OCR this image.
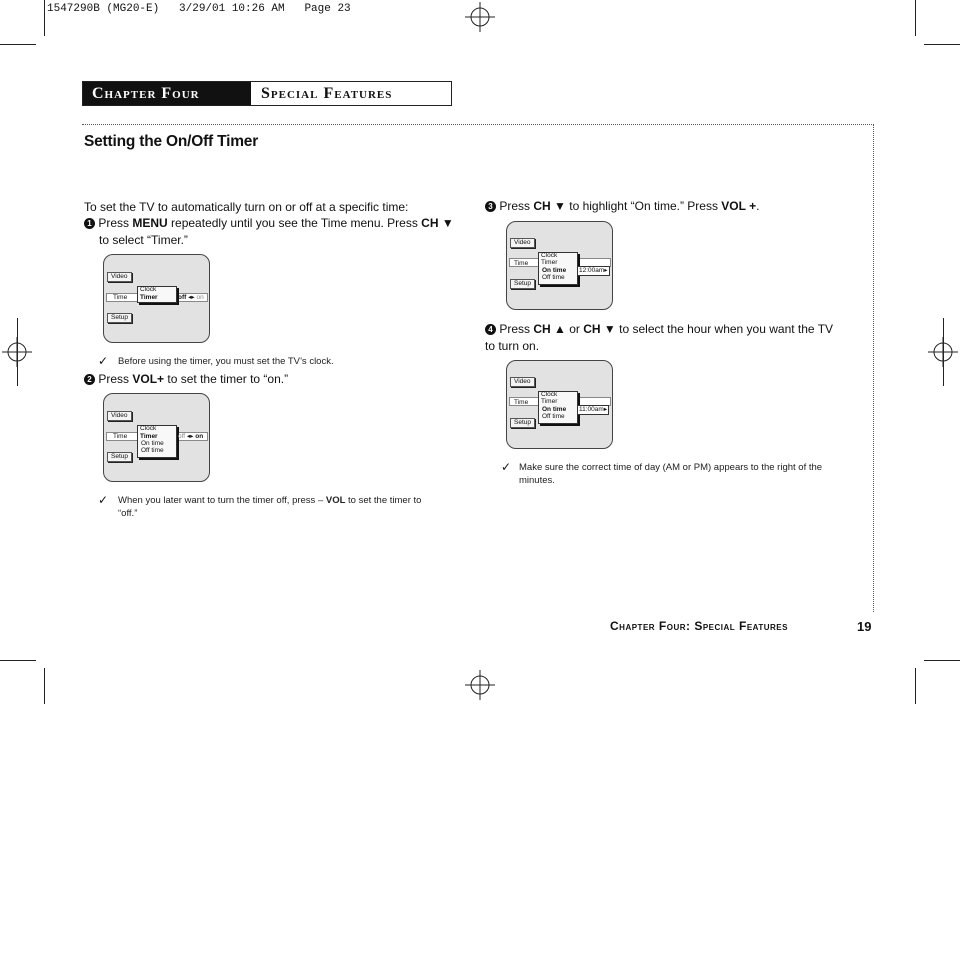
1547290B (MG20-E)   3/29/01 10:26 AM   Page 23
Chapter Four	Special Features
Setting the On/Off Timer
To set the TV to automatically turn on or off at a specific time:
1 Press MENU repeatedly until you see the Time menu. Press CH ▼
to select “Timer.”
Video
Time
Clock
Timer	off ◂▸ on
Setup
✓ Before using the timer, you must set the TV’s clock.
2 Press VOL+ to set the timer to “on.”
Video
Time
Clock
Timer
On time
Off time
off ◂▸ on
Setup
✓ When you later want to turn the timer off, press – VOL to set the timer to “off.”
3 Press CH ▼ to highlight “On time.” Press VOL +.
Video
Time
Clock
Timer
On time
Off time
12:00am▸
Setup
4 Press CH ▲ or CH ▼ to select the hour when you want the TV to turn on.
Video
Time
Clock
Timer
On time
Off time
11:00am▸
Setup
✓ Make sure the correct time of day (AM or PM) appears to the right of the minutes.
Chapter Four: Special Features	19
